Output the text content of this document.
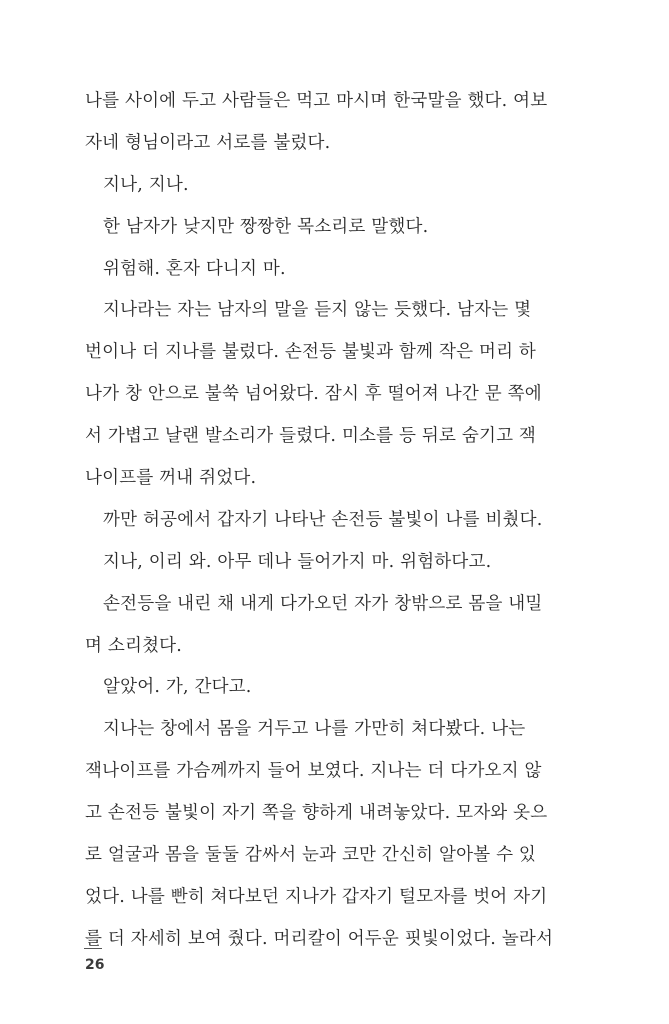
나를 사이에 두고 사람들은 먹고 마시며 한국말을 했다. 여보
자네 형님이라고 서로를 불렀다.
지나, 지나.
한 남자가 낮지만 짱짱한 목소리로 말했다.
위험해. 혼자 다니지 마.
지나라는 자는 남자의 말을 듣지 않는 듯했다. 남자는 몇
번이나 더 지나를 불렀다. 손전등 불빛과 함께 작은 머리 하
나가 창 안으로 불쑥 넘어왔다. 잠시 후 떨어져 나간 문 쪽에
서 가볍고 날랜 발소리가 들렸다. 미소를 등 뒤로 숨기고 잭
나이프를 꺼내 쥐었다.
까만 허공에서 갑자기 나타난 손전등 불빛이 나를 비췄다.
지나, 이리 와. 아무 데나 들어가지 마. 위험하다고.
손전등을 내린 채 내게 다가오던 자가 창밖으로 몸을 내밀
며 소리쳤다.
알았어. 가, 간다고.
지나는 창에서 몸을 거두고 나를 가만히 쳐다봤다. 나는
잭나이프를 가슴께까지 들어 보였다. 지나는 더 다가오지 않
고 손전등 불빛이 자기 쪽을 향하게 내려놓았다. 모자와 옷으
로 얼굴과 몸을 둘둘 감싸서 눈과 코만 간신히 알아볼 수 있
었다. 나를 빤히 쳐다보던 지나가 갑자기 털모자를 벗어 자기
를 더 자세히 보여 줬다. 머리칼이 어두운 핏빛이었다. 놀라서
26
